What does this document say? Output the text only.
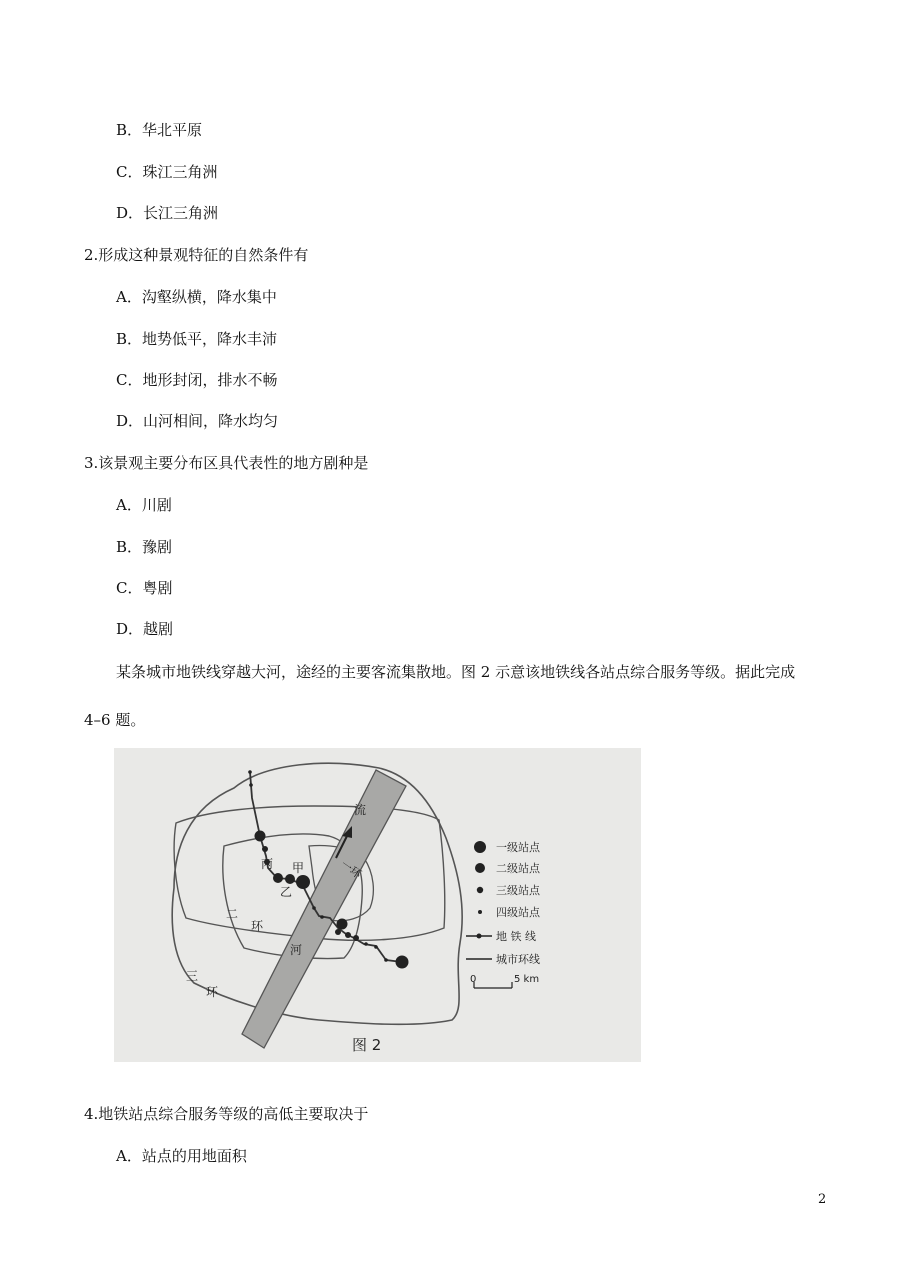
B．华北平原
C．珠江三角洲
D．长江三角洲
2.形成这种景观特征的自然条件有
A．沟壑纵横，降水集中
B．地势低平，降水丰沛
C．地形封闭，排水不畅
D．山河相间，降水均匀
3.该景观主要分布区具代表性的地方剧种是
A．川剧
B．豫剧
C．粤剧
D．越剧
某条城市地铁线穿越大河，途经的主要客流集散地。图 2 示意该地铁线各站点综合服务等级。据此完成
4–6 题。
流
河
丙 甲
乙
一环
二
环
三
环
一级站点
二级站点
三级站点
四级站点
地 铁 线
城市环线
0	5 km
图 2
4.地铁站点综合服务等级的高低主要取决于
A．站点的用地面积
2
